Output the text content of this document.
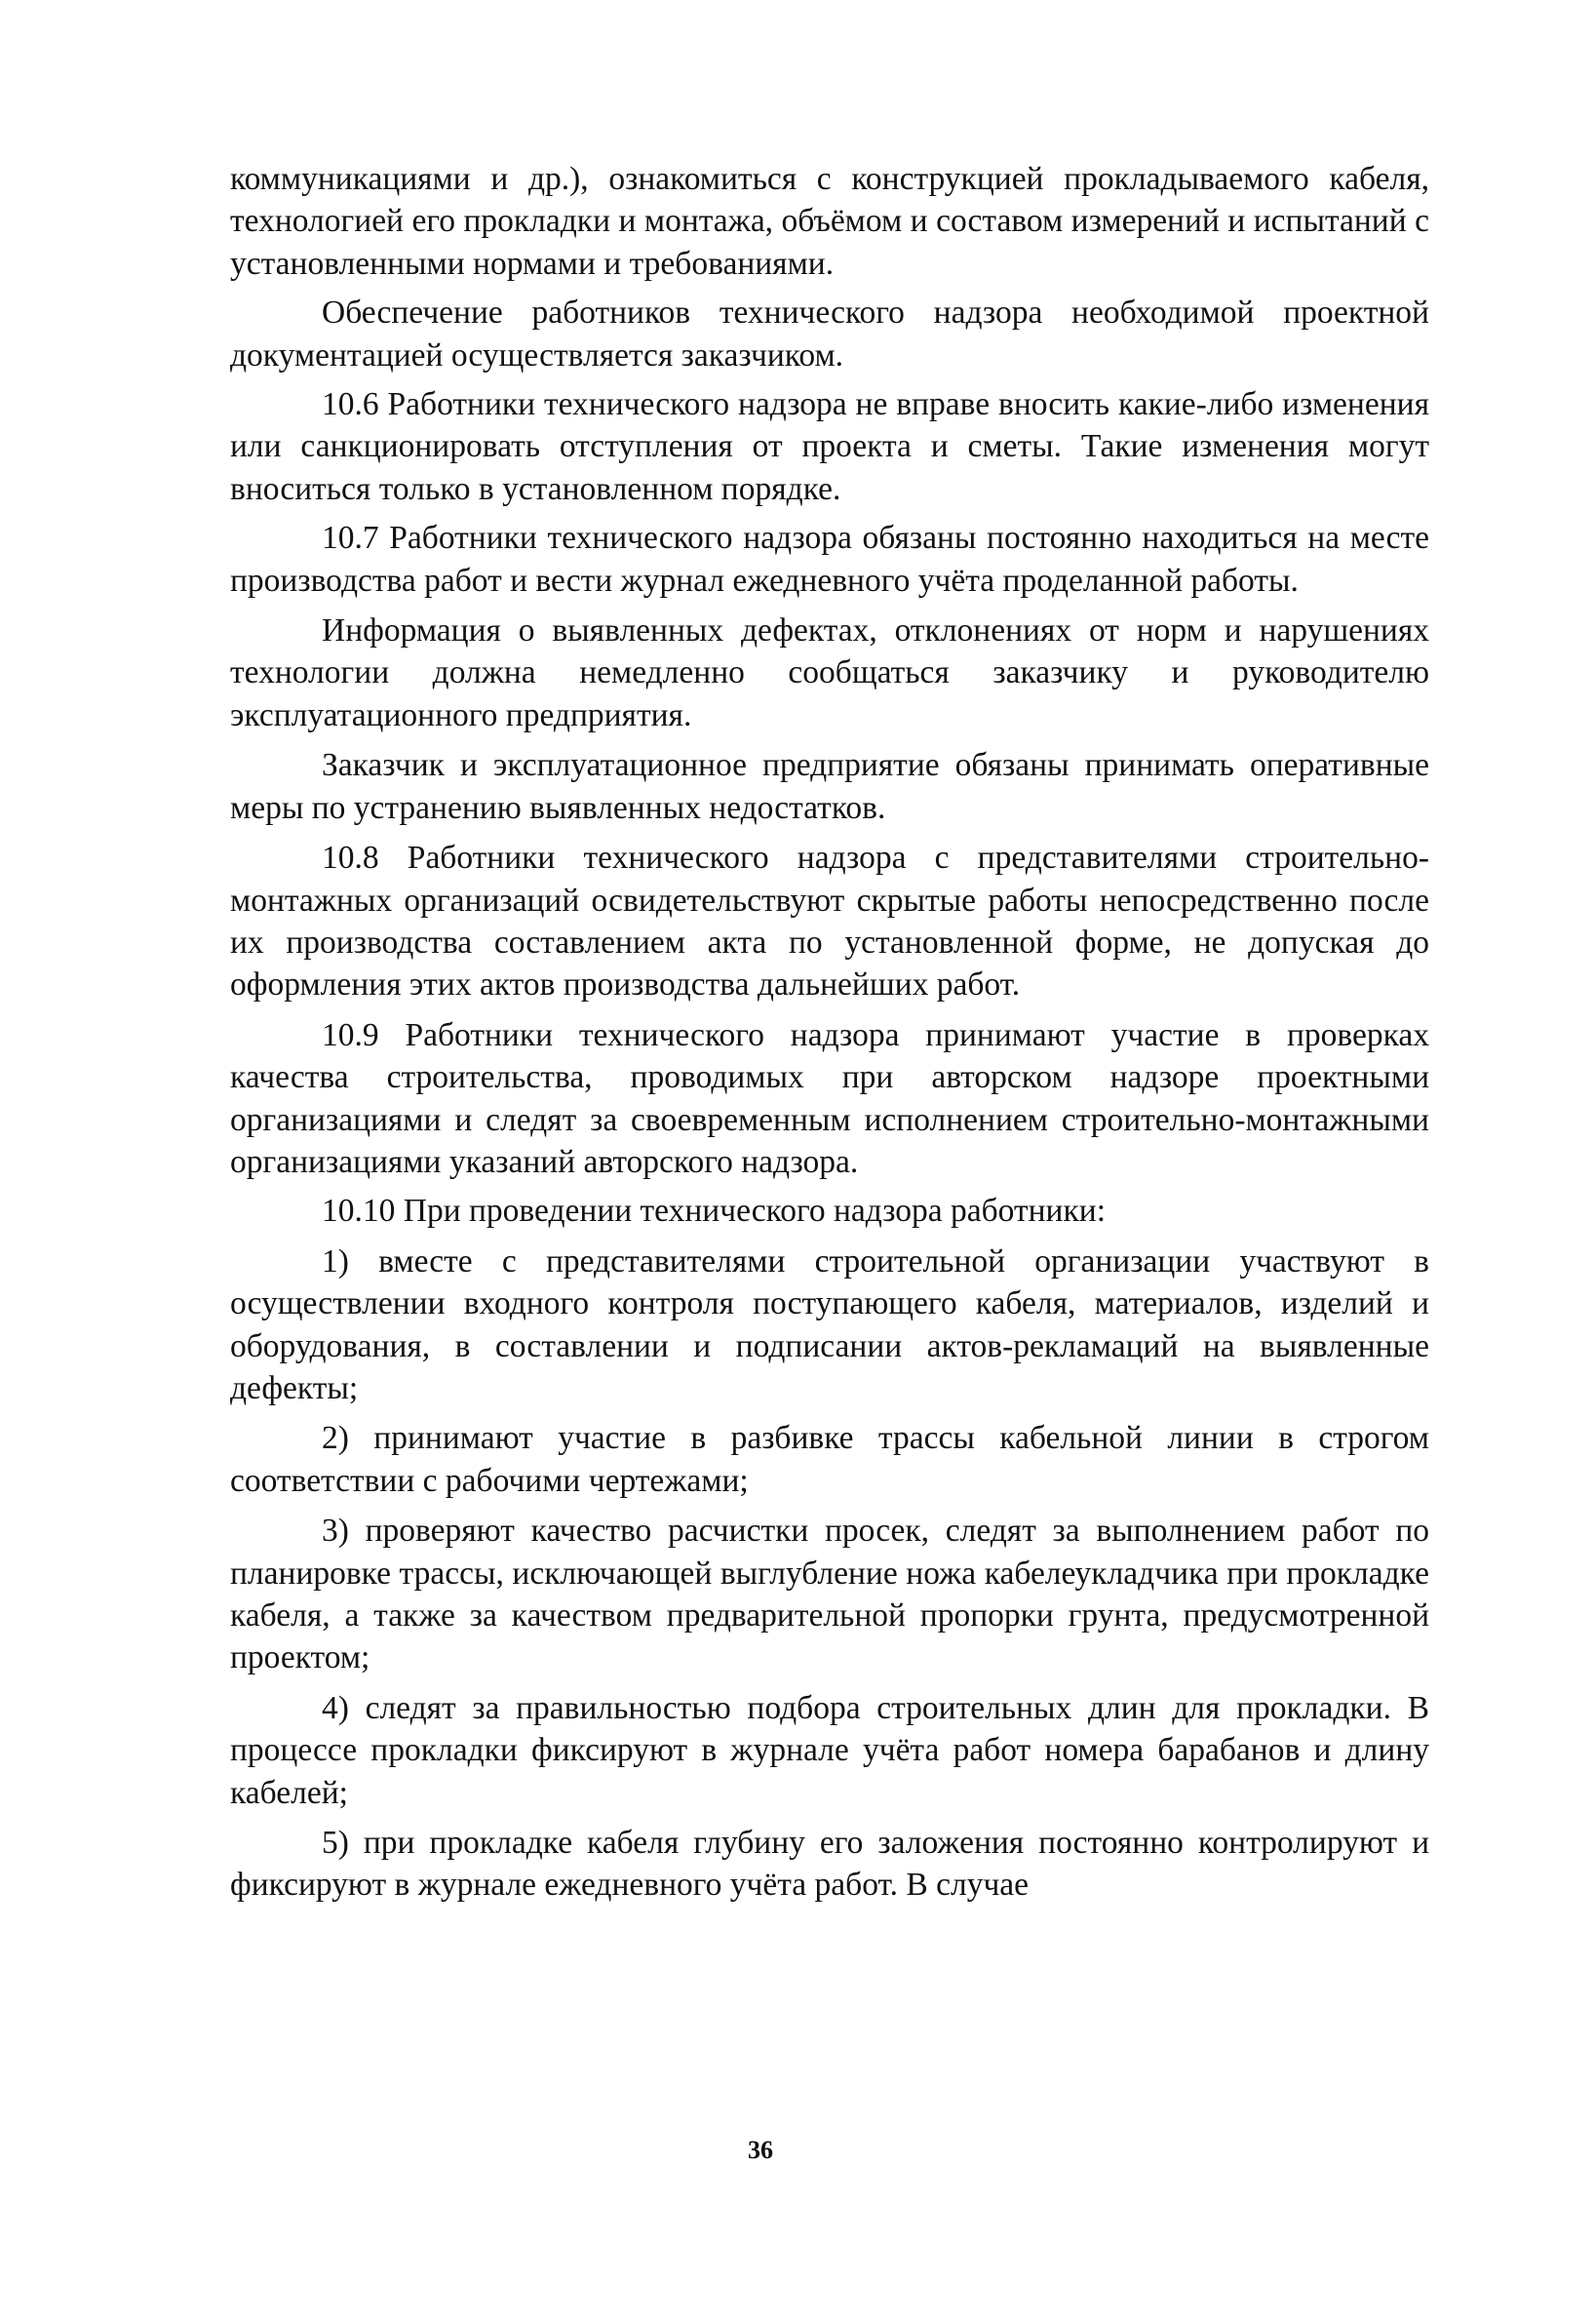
коммуникациями и др.), ознакомиться с конструкцией прокладываемого кабеля, технологией его прокладки и монтажа, объёмом и составом измерений и испытаний с установленными нормами и требованиями.

Обеспечение работников технического надзора необходимой проектной документацией осуществляется заказчиком.

10.6 Работники технического надзора не вправе вносить какие-либо изменения или санкционировать отступления от проекта и сметы. Такие изменения могут вноситься только в установленном порядке.

10.7 Работники технического надзора обязаны постоянно находиться на месте производства работ и вести журнал ежедневного учёта проделанной работы.

Информация о выявленных дефектах, отклонениях от норм и нарушениях технологии должна немедленно сообщаться заказчику и руководителю эксплуатационного предприятия.

Заказчик и эксплуатационное предприятие обязаны принимать оперативные меры по устранению выявленных недостатков.

10.8 Работники технического надзора с представителями строительно-монтажных организаций освидетельствуют скрытые работы непосредственно после их производства составлением акта по установленной форме, не допуская до оформления этих актов производства дальнейших работ.

10.9 Работники технического надзора принимают участие в проверках качества строительства, проводимых при авторском надзоре проектными организациями и следят за своевременным исполнением строительно-монтажными организациями указаний авторского надзора.

10.10 При проведении технического надзора работники:

1) вместе с представителями строительной организации участвуют в осуществлении входного контроля поступающего кабеля, материалов, изделий и оборудования, в составлении и подписании актов-рекламаций на выявленные дефекты;

2) принимают участие в разбивке трассы кабельной линии в строгом соответствии с рабочими чертежами;

3) проверяют качество расчистки просек, следят за выполнением работ по планировке трассы, исключающей выглубление ножа кабелеукладчика при прокладке кабеля, а также за качеством предварительной пропорки грунта, предусмотренной проектом;

4) следят за правильностью подбора строительных длин для прокладки. В процессе прокладки фиксируют в журнале учёта работ номера барабанов и длину кабелей;

5) при прокладке кабеля глубину его заложения постоянно контролируют и фиксируют в журнале ежедневного учёта работ. В случае

36
